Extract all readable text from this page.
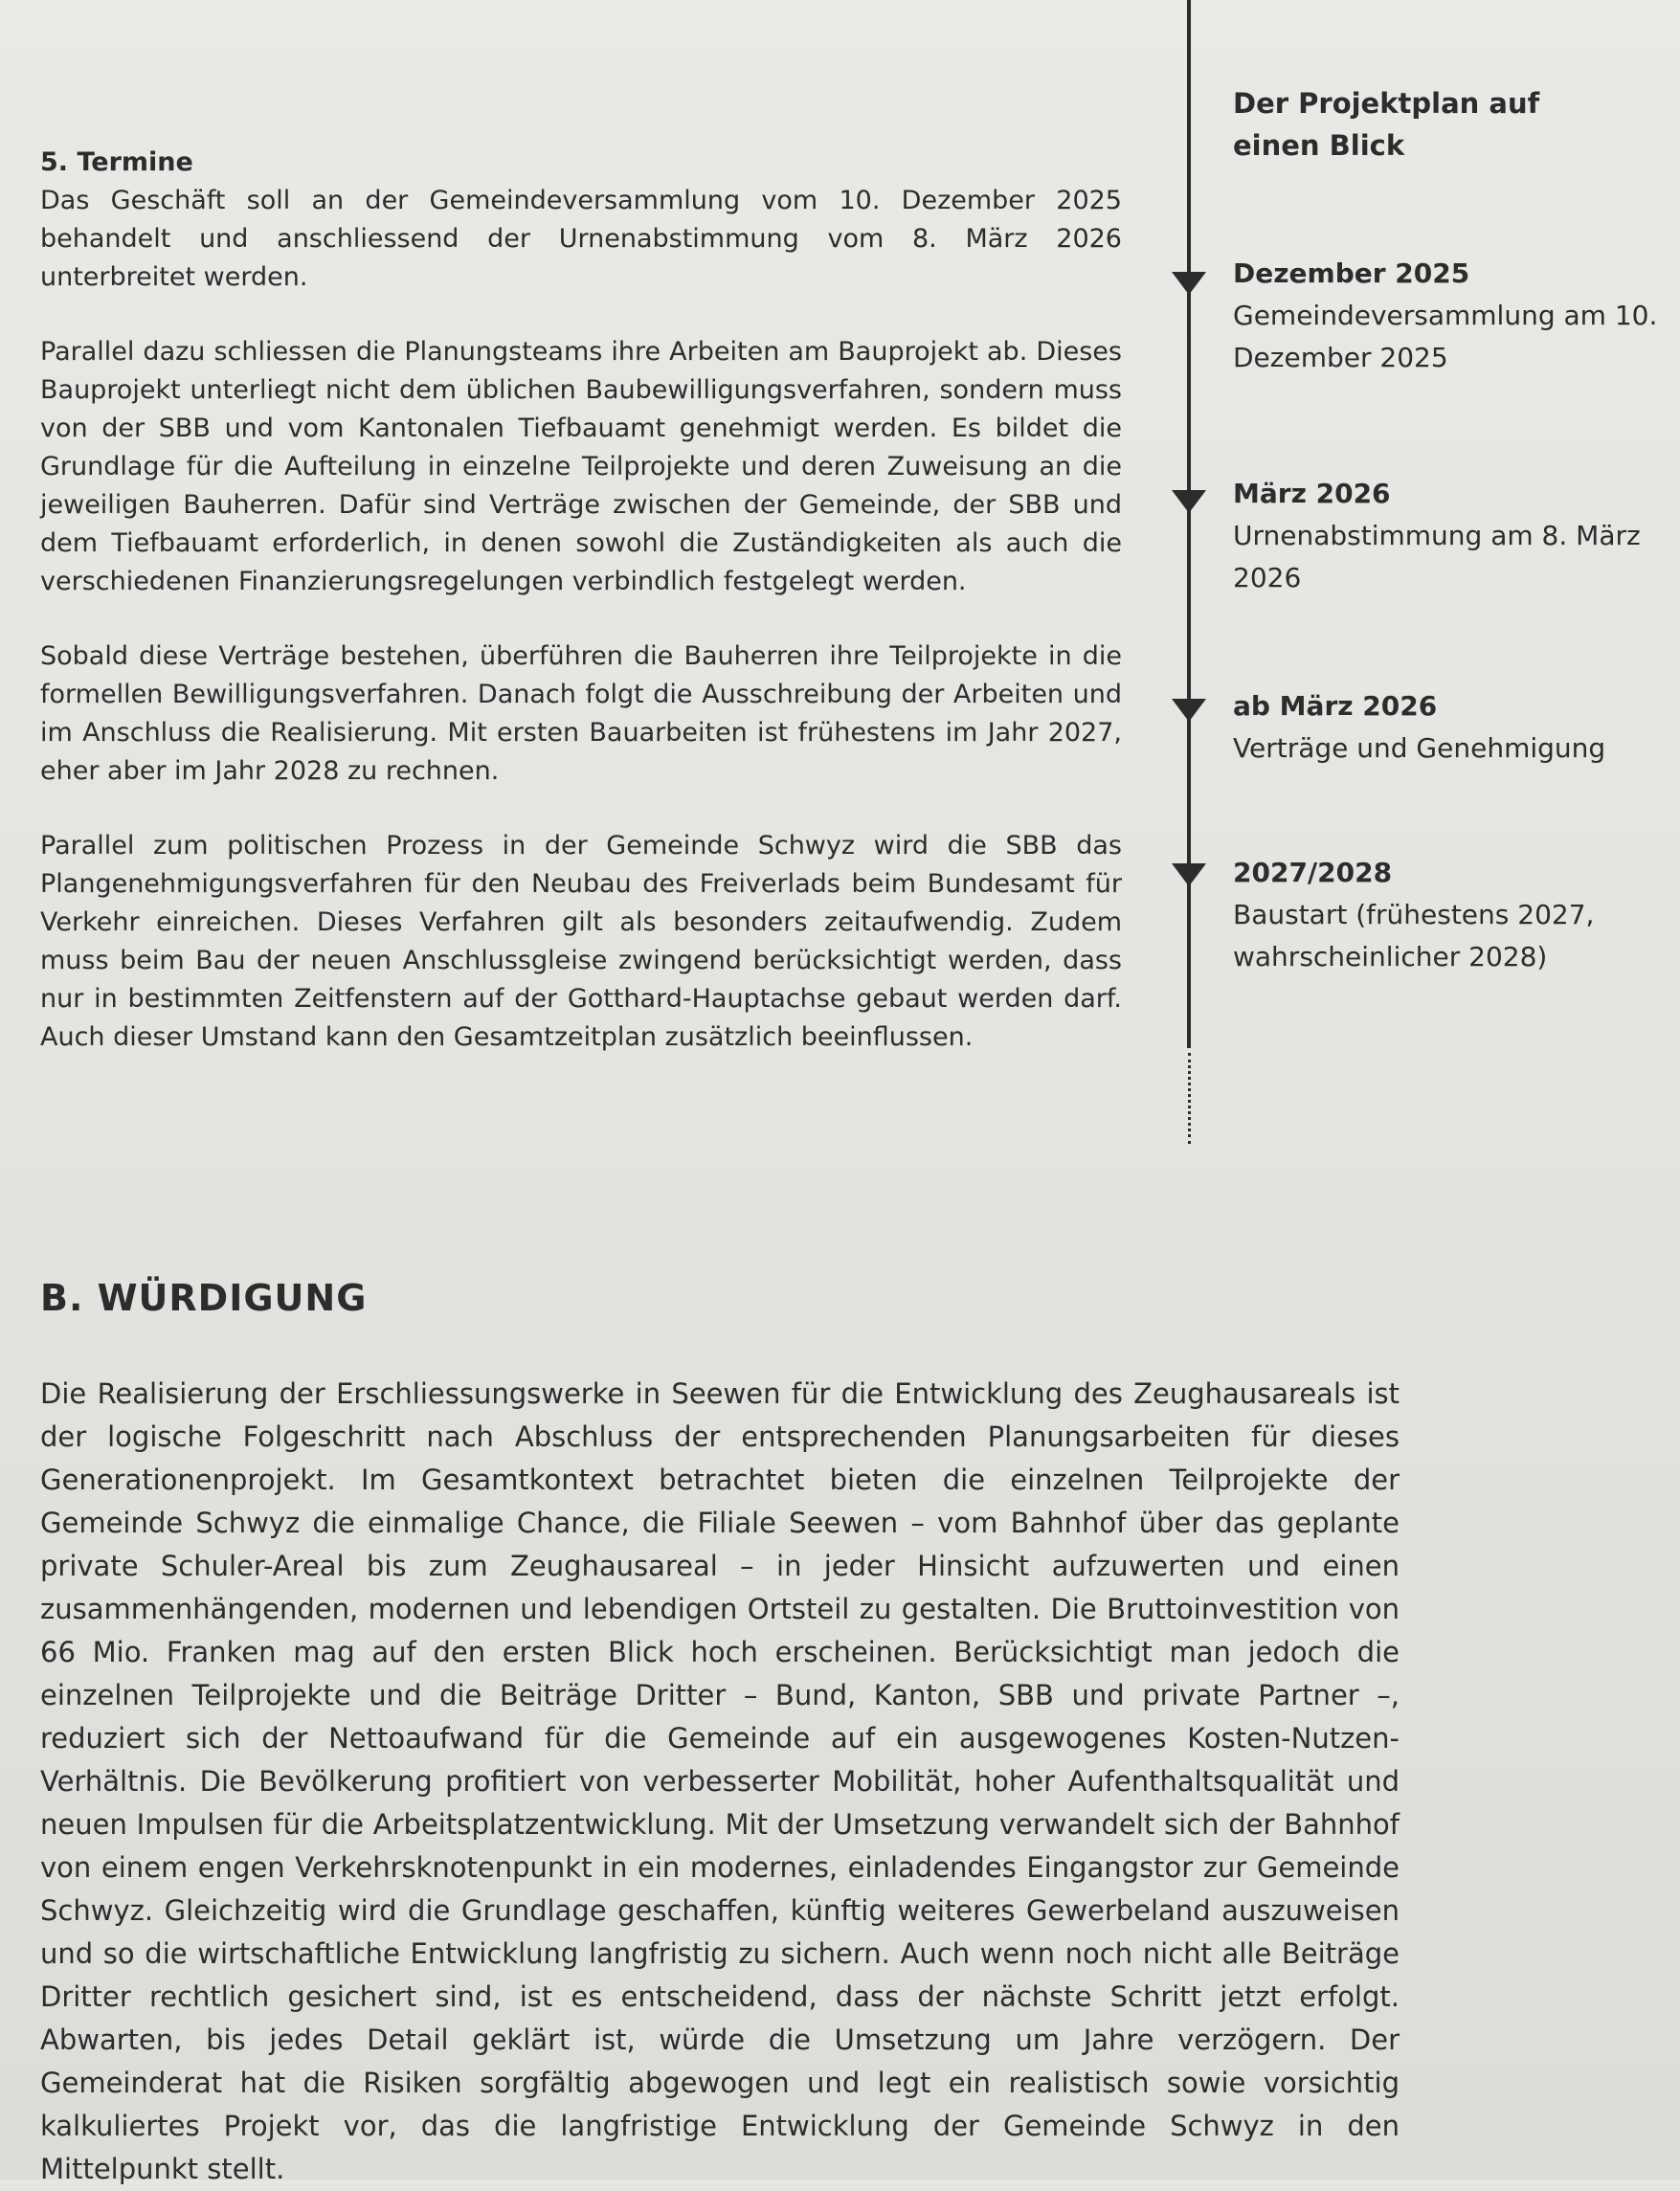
5. Termine

Das Geschäft soll an der Gemeindeversammlung vom 10. Dezember 2025 behandelt und anschliessend der Urnenabstimmung vom 8. März 2026 unterbreitet werden.

Parallel dazu schliessen die Planungsteams ihre Arbeiten am Bauprojekt ab. Dieses Bauprojekt unterliegt nicht dem üblichen Baubewilligungsverfahren, sondern muss von der SBB und vom Kantonalen Tiefbauamt genehmigt werden. Es bildet die Grundlage für die Aufteilung in einzelne Teilprojekte und deren Zuweisung an die jeweiligen Bauherren. Dafür sind Verträge zwischen der Gemeinde, der SBB und dem Tiefbauamt erforderlich, in denen sowohl die Zuständigkeiten als auch die verschiedenen Finanzierungsregelungen verbindlich festgelegt werden.

Sobald diese Verträge bestehen, überführen die Bauherren ihre Teilprojekte in die formellen Bewilligungsverfahren. Danach folgt die Ausschreibung der Arbeiten und im Anschluss die Realisierung. Mit ersten Bauarbeiten ist frühestens im Jahr 2027, eher aber im Jahr 2028 zu rechnen.

Parallel zum politischen Prozess in der Gemeinde Schwyz wird die SBB das Plangenehmigungsverfahren für den Neubau des Freiverlads beim Bundesamt für Verkehr einreichen. Dieses Verfahren gilt als besonders zeitaufwendig. Zudem muss beim Bau der neuen Anschlussgleise zwingend berücksichtigt werden, dass nur in bestimmten Zeitfenstern auf der Gotthard-Hauptachse gebaut werden darf. Auch dieser Umstand kann den Gesamtzeitplan zusätzlich beeinflussen.

Der Projektplan auf einen Blick
Dezember 2025
Gemeindeversammlung am 10. Dezember 2025
März 2026
Urnenabstimmung am 8. März 2026
ab März 2026
Verträge und Genehmigung
2027/2028
Baustart (frühestens 2027, wahrscheinlicher 2028)
B. WÜRDIGUNG

Die Realisierung der Erschliessungswerke in Seewen für die Entwicklung des Zeughausareals ist der logische Folgeschritt nach Abschluss der entsprechenden Planungsarbeiten für dieses Generationenprojekt. Im Gesamtkontext betrachtet bieten die einzelnen Teilprojekte der Gemeinde Schwyz die einmalige Chance, die Filiale Seewen – vom Bahnhof über das geplante private Schuler-Areal bis zum Zeughausareal – in jeder Hinsicht aufzuwerten und einen zusammenhängenden, modernen und lebendigen Ortsteil zu gestalten. Die Bruttoinvestition von 66 Mio. Franken mag auf den ersten Blick hoch erscheinen. Berücksichtigt man jedoch die einzelnen Teilprojekte und die Beiträge Dritter – Bund, Kanton, SBB und private Partner –, reduziert sich der Nettoaufwand für die Gemeinde auf ein ausgewogenes Kosten-Nutzen-Verhältnis. Die Bevölkerung profitiert von verbesserter Mobilität, hoher Aufenthaltsqualität und neuen Impulsen für die Arbeitsplatzentwicklung. Mit der Umsetzung verwandelt sich der Bahnhof von einem engen Verkehrsknotenpunkt in ein modernes, einladendes Eingangstor zur Gemeinde Schwyz. Gleichzeitig wird die Grundlage geschaffen, künftig weiteres Gewerbeland auszuweisen und so die wirtschaftliche Entwicklung langfristig zu sichern. Auch wenn noch nicht alle Beiträge Dritter rechtlich gesichert sind, ist es entscheidend, dass der nächste Schritt jetzt erfolgt. Abwarten, bis jedes Detail geklärt ist, würde die Umsetzung um Jahre verzögern. Der Gemeinderat hat die Risiken sorgfältig abgewogen und legt ein realistisch sowie vorsichtig kalkuliertes Projekt vor, das die langfristige Entwicklung der Gemeinde Schwyz in den Mittelpunkt stellt.
